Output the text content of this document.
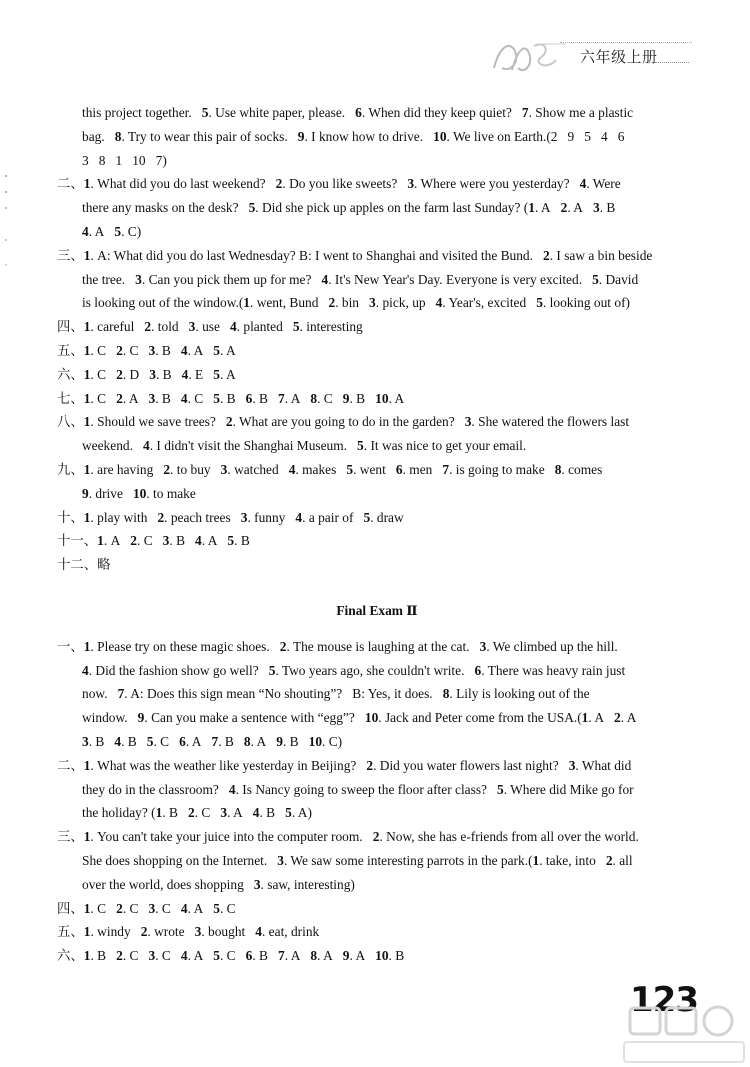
六年级上册
this project together.   5. Use white paper, please.   6. When did they keep quiet?   7. Show me a plastic
bag.   8. Try to wear this pair of socks.   9. I know how to drive.   10. We live on Earth.(2   9   5   4   6
3   8   1   10   7)
二、1. What did you do last weekend?   2. Do you like sweets?   3. Where were you yesterday?   4. Were
there any masks on the desk?   5. Did she pick up apples on the farm last Sunday? (1. A   2. A   3. B
4. A   5. C)
三、1. A: What did you do last Wednesday? B: I went to Shanghai and visited the Bund.   2. I saw a bin beside
the tree.   3. Can you pick them up for me?   4. It's New Year's Day. Everyone is very excited.   5. David
is looking out of the window.(1. went, Bund   2. bin   3. pick, up   4. Year's, excited   5. looking out of)
四、1. careful   2. told   3. use   4. planted   5. interesting
五、1. C   2. C   3. B   4. A   5. A
六、1. C   2. D   3. B   4. E   5. A
七、1. C   2. A   3. B   4. C   5. B   6. B   7. A   8. C   9. B   10. A
八、1. Should we save trees?   2. What are you going to do in the garden?   3. She watered the flowers last
weekend.   4. I didn't visit the Shanghai Museum.   5. It was nice to get your email.
九、1. are having   2. to buy   3. watched   4. makes   5. went   6. men   7. is going to make   8. comes
9. drive   10. to make
十、1. play with   2. peach trees   3. funny   4. a pair of   5. draw
十一、1. A   2. C   3. B   4. A   5. B
十二、略
Final Exam Ⅱ
一、1. Please try on these magic shoes.   2. The mouse is laughing at the cat.   3. We climbed up the hill.
4. Did the fashion show go well?   5. Two years ago, she couldn't write.   6. There was heavy rain just
now.   7. A: Does this sign mean “No shouting”?   B: Yes, it does.   8. Lily is looking out of the
window.   9. Can you make a sentence with “egg”?   10. Jack and Peter come from the USA.(1. A   2. A
3. B   4. B   5. C   6. A   7. B   8. A   9. B   10. C)
二、1. What was the weather like yesterday in Beijing?   2. Did you water flowers last night?   3. What did
they do in the classroom?   4. Is Nancy going to sweep the floor after class?   5. Where did Mike go for
the holiday? (1. B   2. C   3. A   4. B   5. A)
三、1. You can't take your juice into the computer room.   2. Now, she has e-friends from all over the world.
She does shopping on the Internet.   3. We saw some interesting parrots in the park.(1. take, into   2. all
over the world, does shopping   3. saw, interesting)
四、1. C   2. C   3. C   4. A   5. C
五、1. windy   2. wrote   3. bought   4. eat, drink
六、1. B   2. C   3. C   4. A   5. C   6. B   7. A   8. A   9. A   10. B
123
